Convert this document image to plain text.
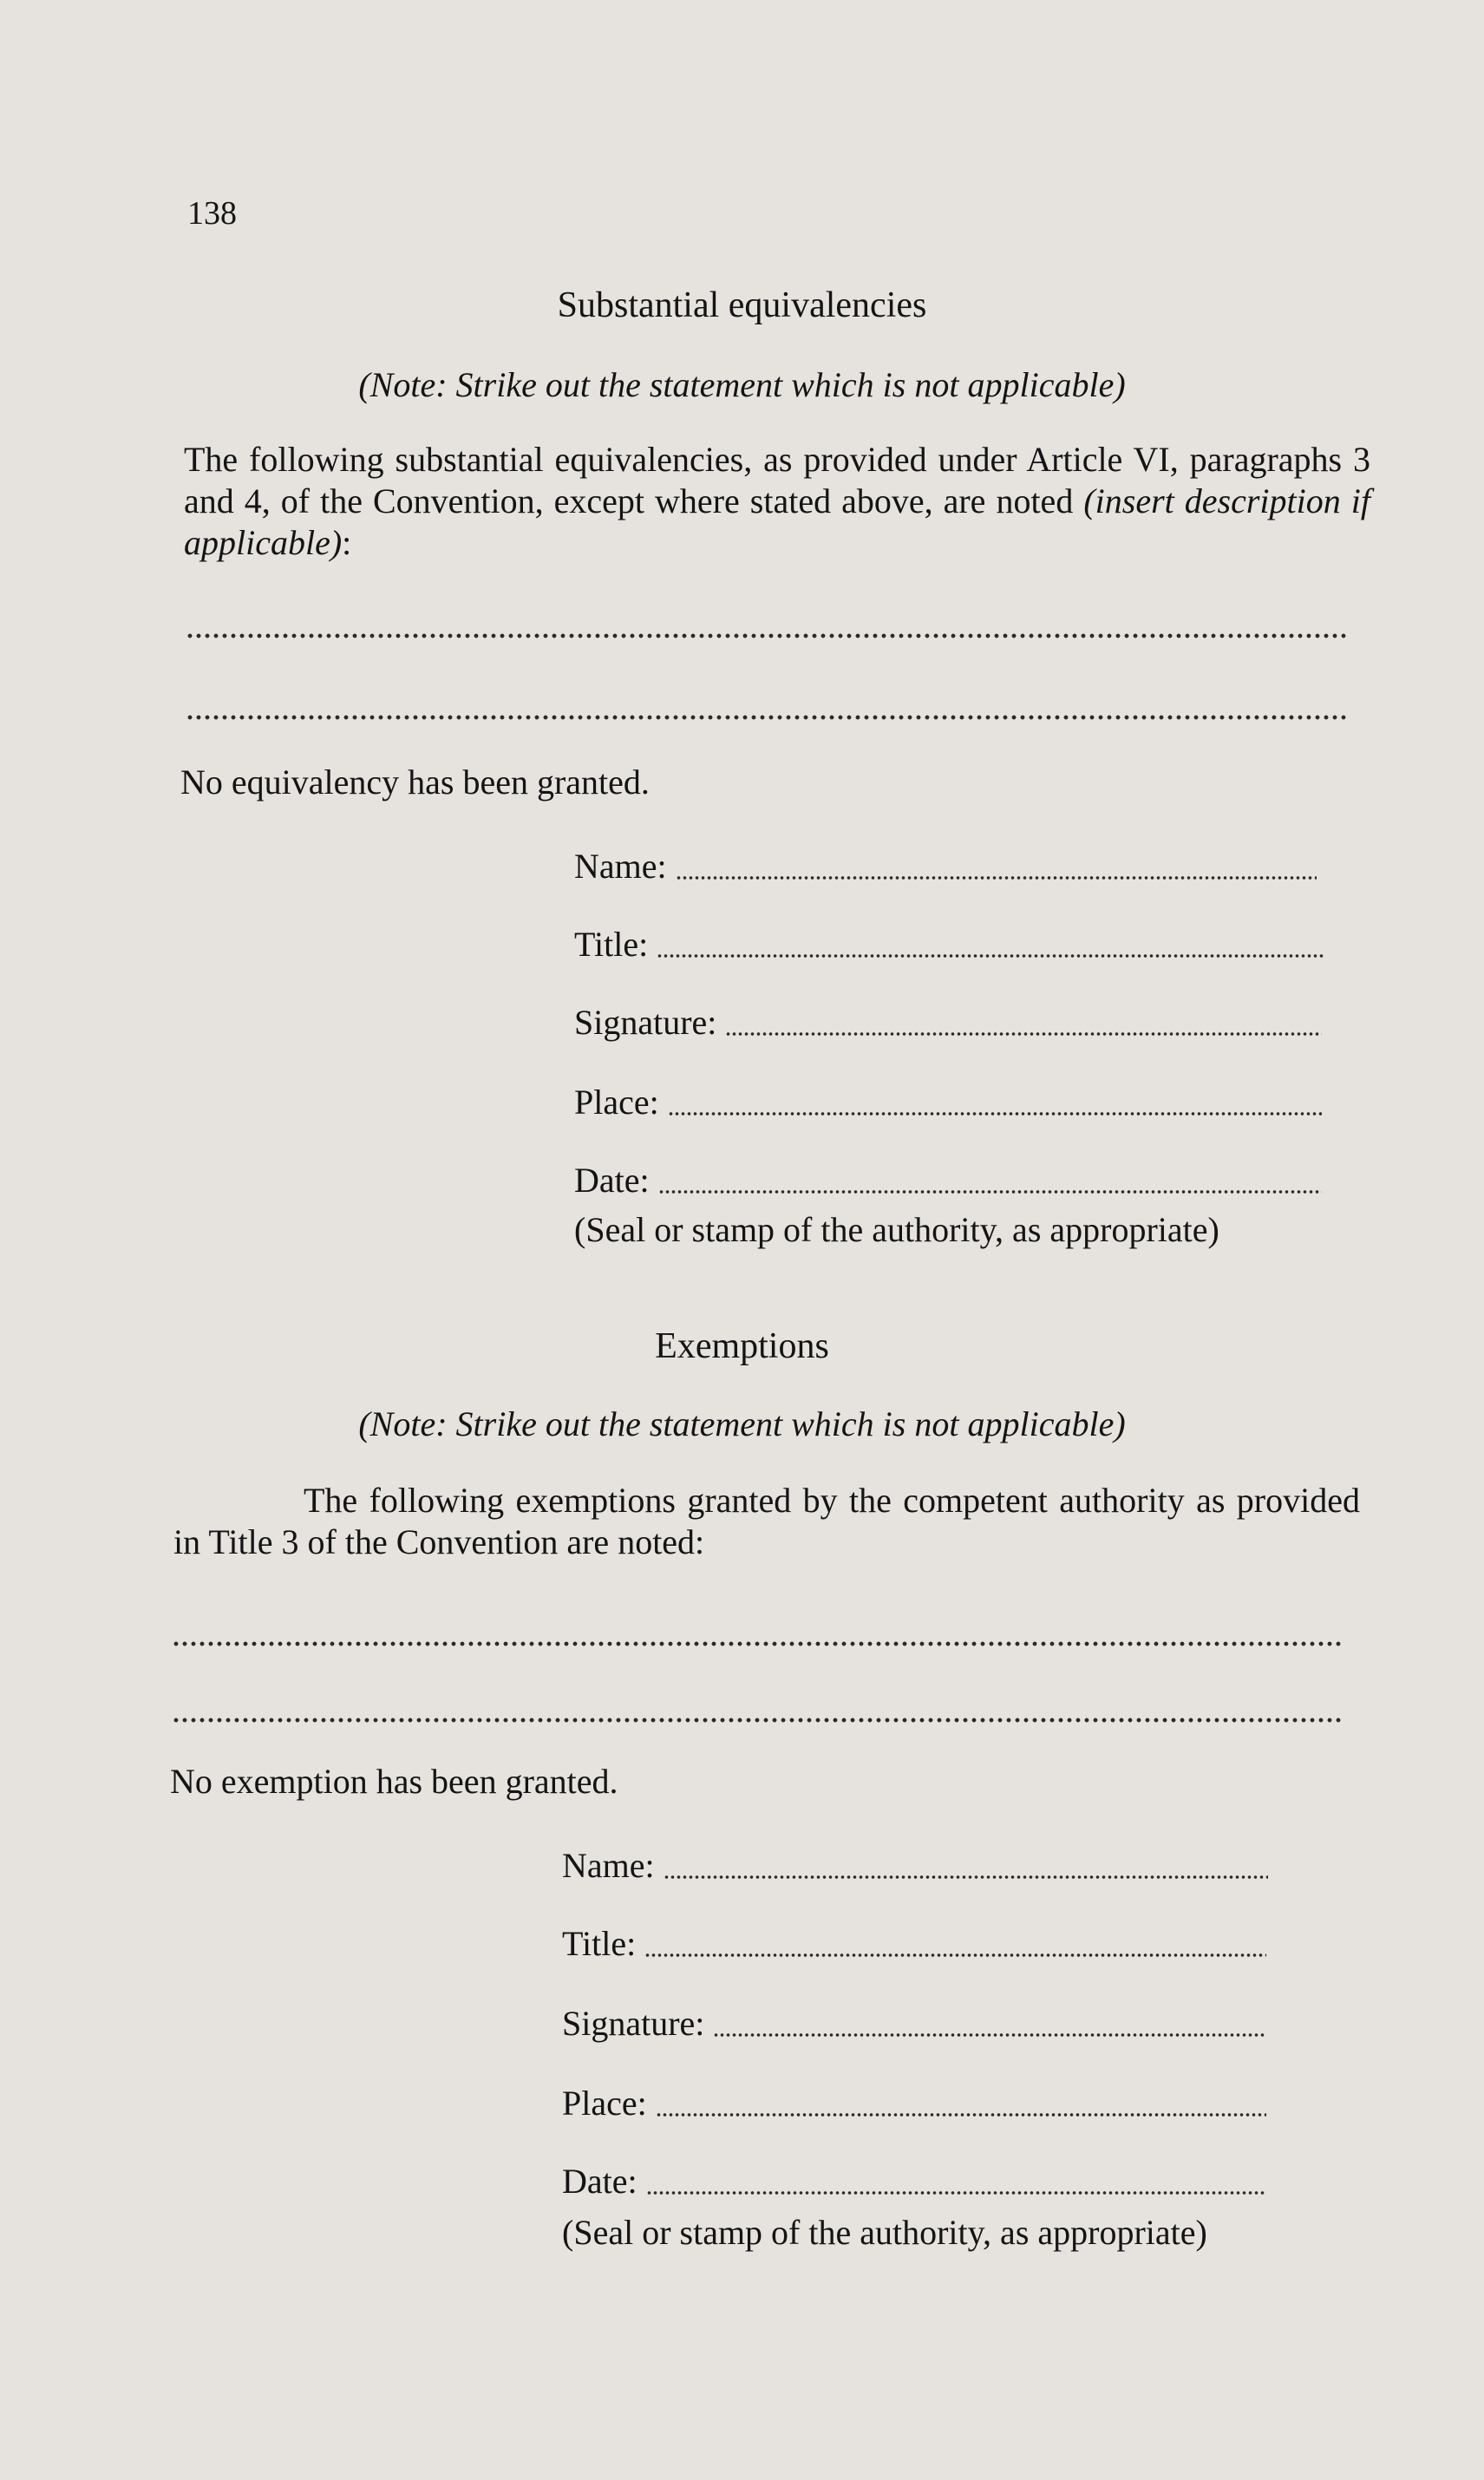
138
Substantial equivalencies
(Note: Strike out the statement which is not applicable)
The following substantial equivalencies, as provided under Article VI, paragraphs 3 and 4, of the Convention, except where stated above, are noted (insert description if applicable):
No equivalency has been granted.
Name:
Title:
Signature:
Place:
Date:
(Seal or stamp of the authority, as appropriate)
Exemptions
(Note: Strike out the statement which is not applicable)
The following exemptions granted by the competent authority as provided in Title 3 of the Convention are noted:
No exemption has been granted.
Name:
Title:
Signature:
Place:
Date:
(Seal or stamp of the authority, as appropriate)
